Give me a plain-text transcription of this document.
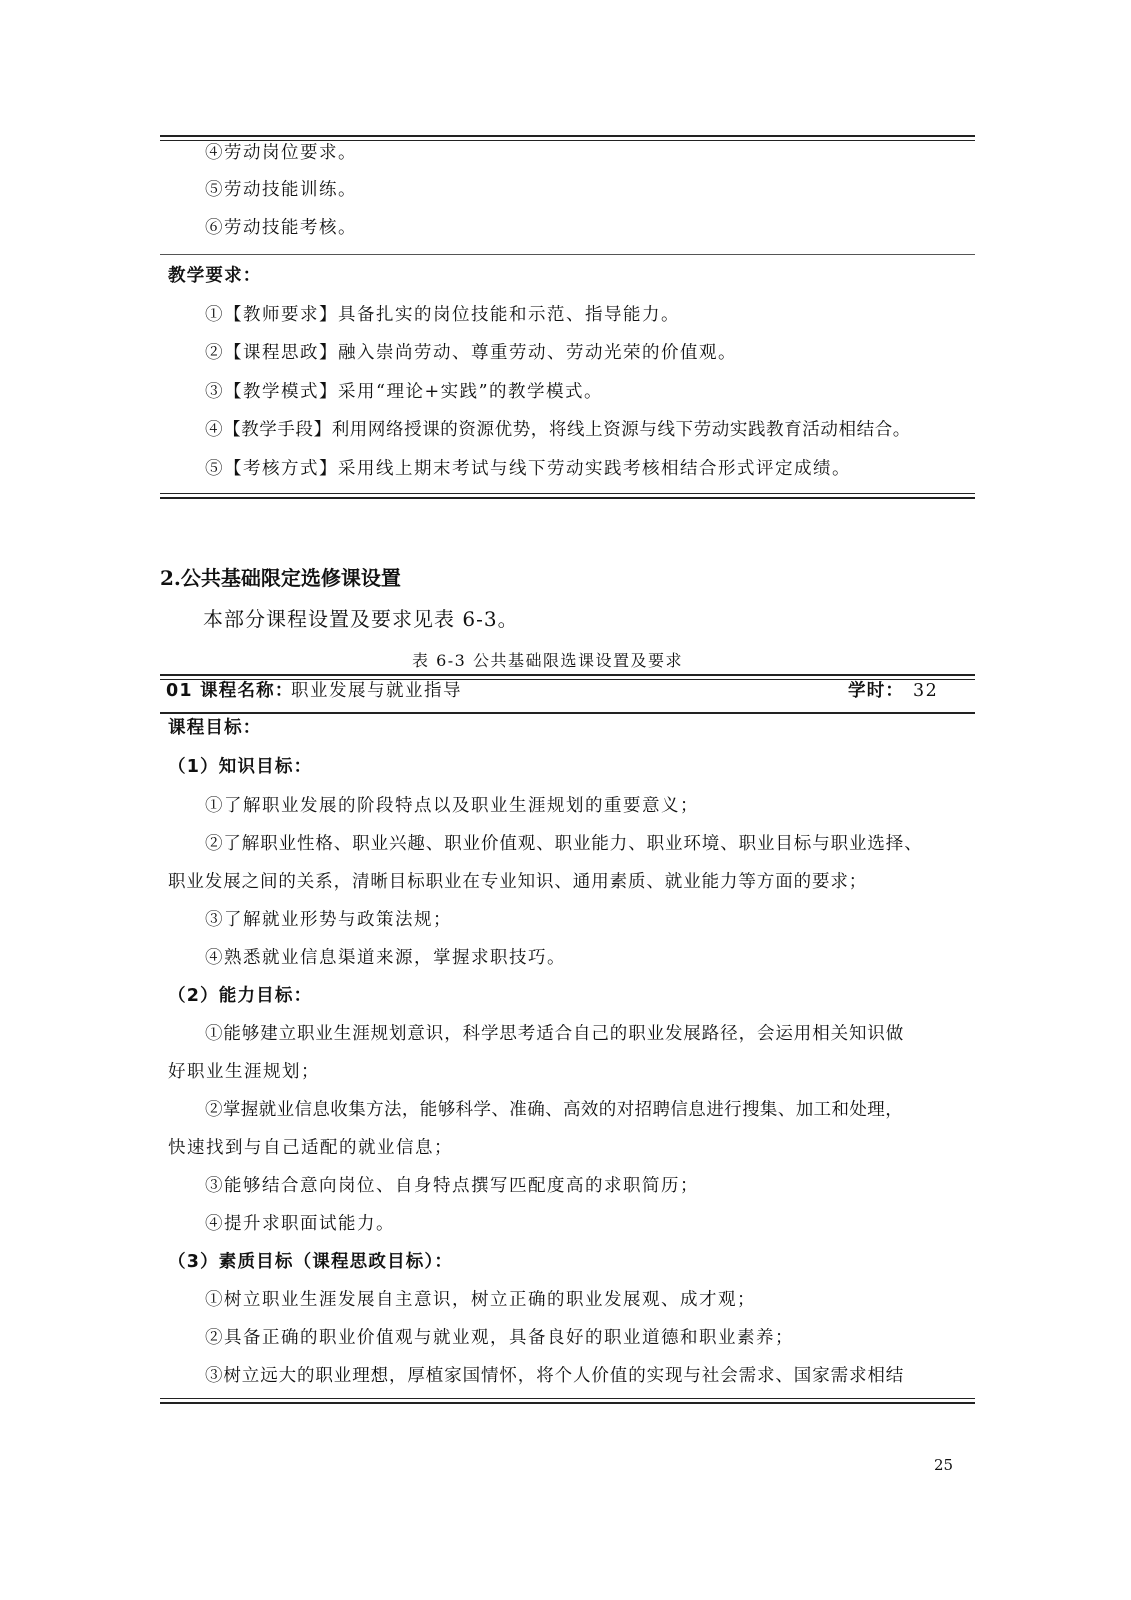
④劳动岗位要求。
⑤劳动技能训练。
⑥劳动技能考核。
教学要求：
①【教师要求】具备扎实的岗位技能和示范、指导能力。
②【课程思政】融入崇尚劳动、尊重劳动、劳动光荣的价值观。
③【教学模式】采用“理论+实践”的教学模式。
④【教学手段】利用网络授课的资源优势，将线上资源与线下劳动实践教育活动相结合。
⑤【考核方式】采用线上期末考试与线下劳动实践考核相结合形式评定成绩。
2.公共基础限定选修课设置
本部分课程设置及要求见表 6-3。
表 6-3 公共基础限选课设置及要求
01 课程名称：
职业发展与就业指导	学时： 32
课程目标：
（1）知识目标：
①了解职业发展的阶段特点以及职业生涯规划的重要意义；
②了解职业性格、职业兴趣、职业价值观、职业能力、职业环境、职业目标与职业选择、
职业发展之间的关系，清晰目标职业在专业知识、通用素质、就业能力等方面的要求；
③了解就业形势与政策法规；
④熟悉就业信息渠道来源，掌握求职技巧。
（2）能力目标：
①能够建立职业生涯规划意识，科学思考适合自己的职业发展路径，会运用相关知识做
好职业生涯规划；
②掌握就业信息收集方法，能够科学、准确、高效的对招聘信息进行搜集、加工和处理，
快速找到与自己适配的就业信息；
③能够结合意向岗位、自身特点撰写匹配度高的求职简历；
④提升求职面试能力。
（3）素质目标（课程思政目标）：
①树立职业生涯发展自主意识，树立正确的职业发展观、成才观；
②具备正确的职业价值观与就业观，具备良好的职业道德和职业素养；
③树立远大的职业理想，厚植家国情怀，将个人价值的实现与社会需求、国家需求相结
25
